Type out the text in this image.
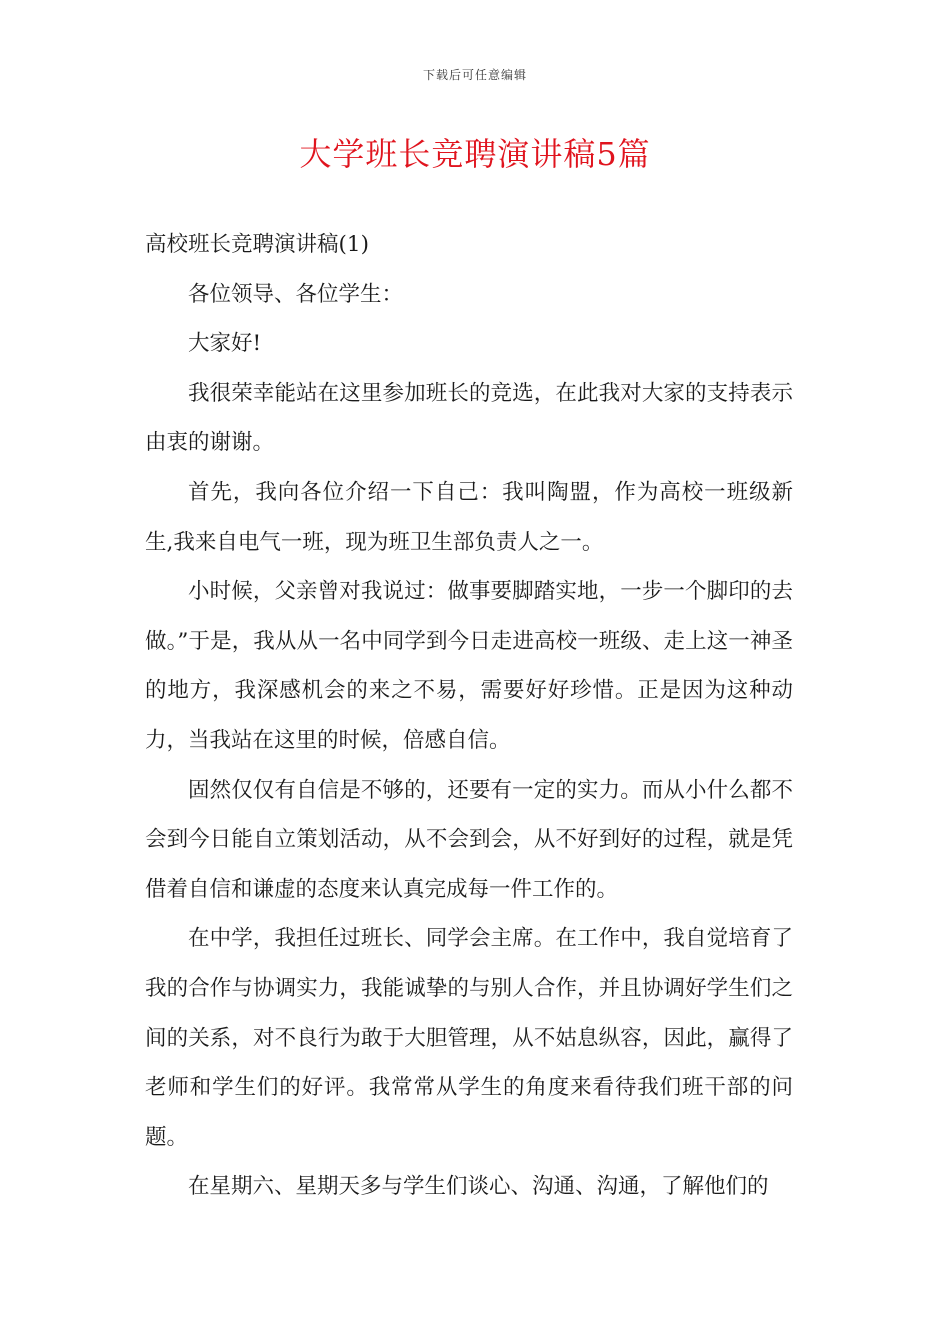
下载后可任意编辑
大学班长竞聘演讲稿5篇

高校班长竞聘演讲稿(1)

各位领导、各位学生：

大家好!

我很荣幸能站在这里参加班长的竞选，在此我对大家的支持表示由衷的谢谢。

首先，我向各位介绍一下自己：我叫陶盟，作为高校一班级新生,我来自电气一班，现为班卫生部负责人之一。

小时候，父亲曾对我说过：做事要脚踏实地，一步一个脚印的去做。”于是，我从从一名中同学到今日走进高校一班级、走上这一神圣的地方，我深感机会的来之不易，需要好好珍惜。正是因为这种动力，当我站在这里的时候，倍感自信。

固然仅仅有自信是不够的，还要有一定的实力。而从小什么都不会到今日能自立策划活动，从不会到会，从不好到好的过程，就是凭借着自信和谦虚的态度来认真完成每一件工作的。

在中学，我担任过班长、同学会主席。在工作中，我自觉培育了我的合作与协调实力，我能诚挚的与别人合作，并且协调好学生们之间的关系，对不良行为敢于大胆管理，从不姑息纵容，因此，赢得了老师和学生们的好评。我常常从学生的角度来看待我们班干部的问题。

在星期六、星期天多与学生们谈心、沟通、沟通，了解他们的
